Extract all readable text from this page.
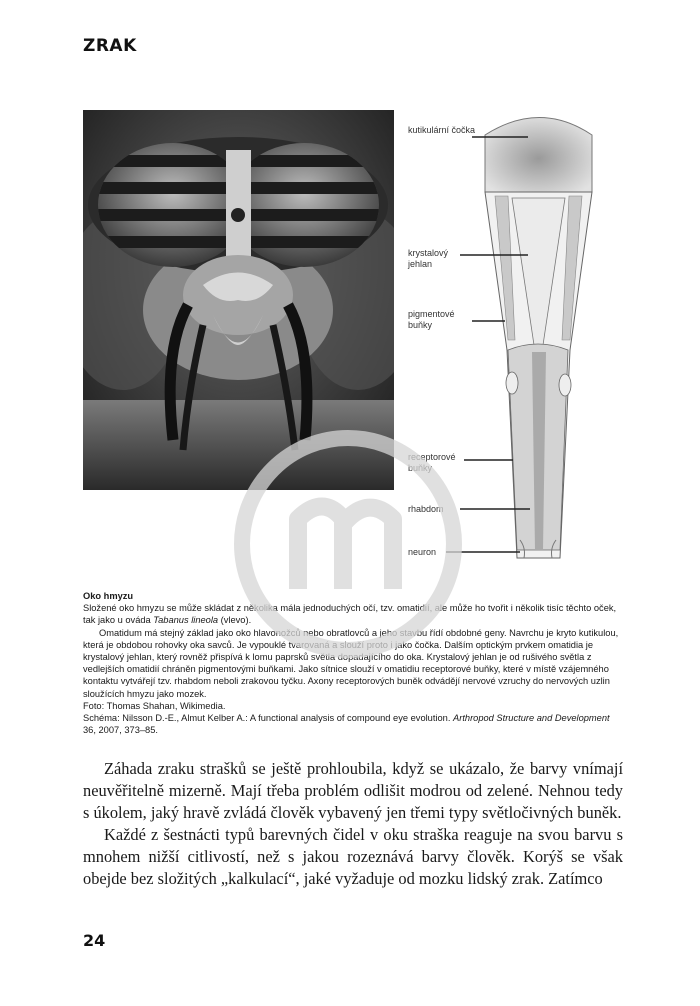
ZRAK
kutikulární čočka
krystalový jehlan
pigmentové buňky
receptorové buňky
rhabdom
neuron

Oko hmyzu

Složené oko hmyzu se může skládat z několika mála jednoduchých očí, tzv. omatidií, ale může ho tvořit i několik tisíc těchto oček, tak jako u ováda Tabanus lineola (vlevo).

Omatidum má stejný základ jako oko hlavonožců nebo obratlovců a jeho stavbu řídí obdobné geny. Navrchu je kryto kutikulou, která je obdobou rohovky oka savců. Je vypouklé tvarovaná a slouží proto i jako čočka. Dalším optickým prvkem omatidia je krystalový jehlan, který rovněž přispívá k lomu paprsků světla dopadajícího do oka. Krystalový jehlan je od rušivého světla z vedlejších omatidií chráněn pigmentovými buňkami. Jako sítnice slouží v omatidiu receptorové buňky, které v místě vzájemného kontaktu vytvářejí tzv. rhabdom neboli zrakovou tyčku. Axony receptorových buněk odvádějí nervové vzruchy do nervových uzlin sloužících hmyzu jako mozek.

Foto: Thomas Shahan, Wikimedia.

Schéma: Nilsson D.-E., Almut Kelber A.: A functional analysis of compound eye evolution. Arthropod Structure and Development 36, 2007, 373–85.

Záhada zraku strašků se ještě prohloubila, když se ukázalo, že barvy vnímají neuvěřitelně mizerně. Mají třeba problém odlišit modrou od zelené. Nehnou tedy s úkolem, jaký hravě zvládá člověk vybavený jen třemi typy světločivných buněk.

Každé z šestnácti typů barevných čidel v oku straška reaguje na svou barvu s mnohem nižší citlivostí, než s jakou rozeznává barvy člověk. Korýš se však obejde bez složitých „kalkulací“, jaké vyžaduje od mozku lidský zrak. Zatímco

24
